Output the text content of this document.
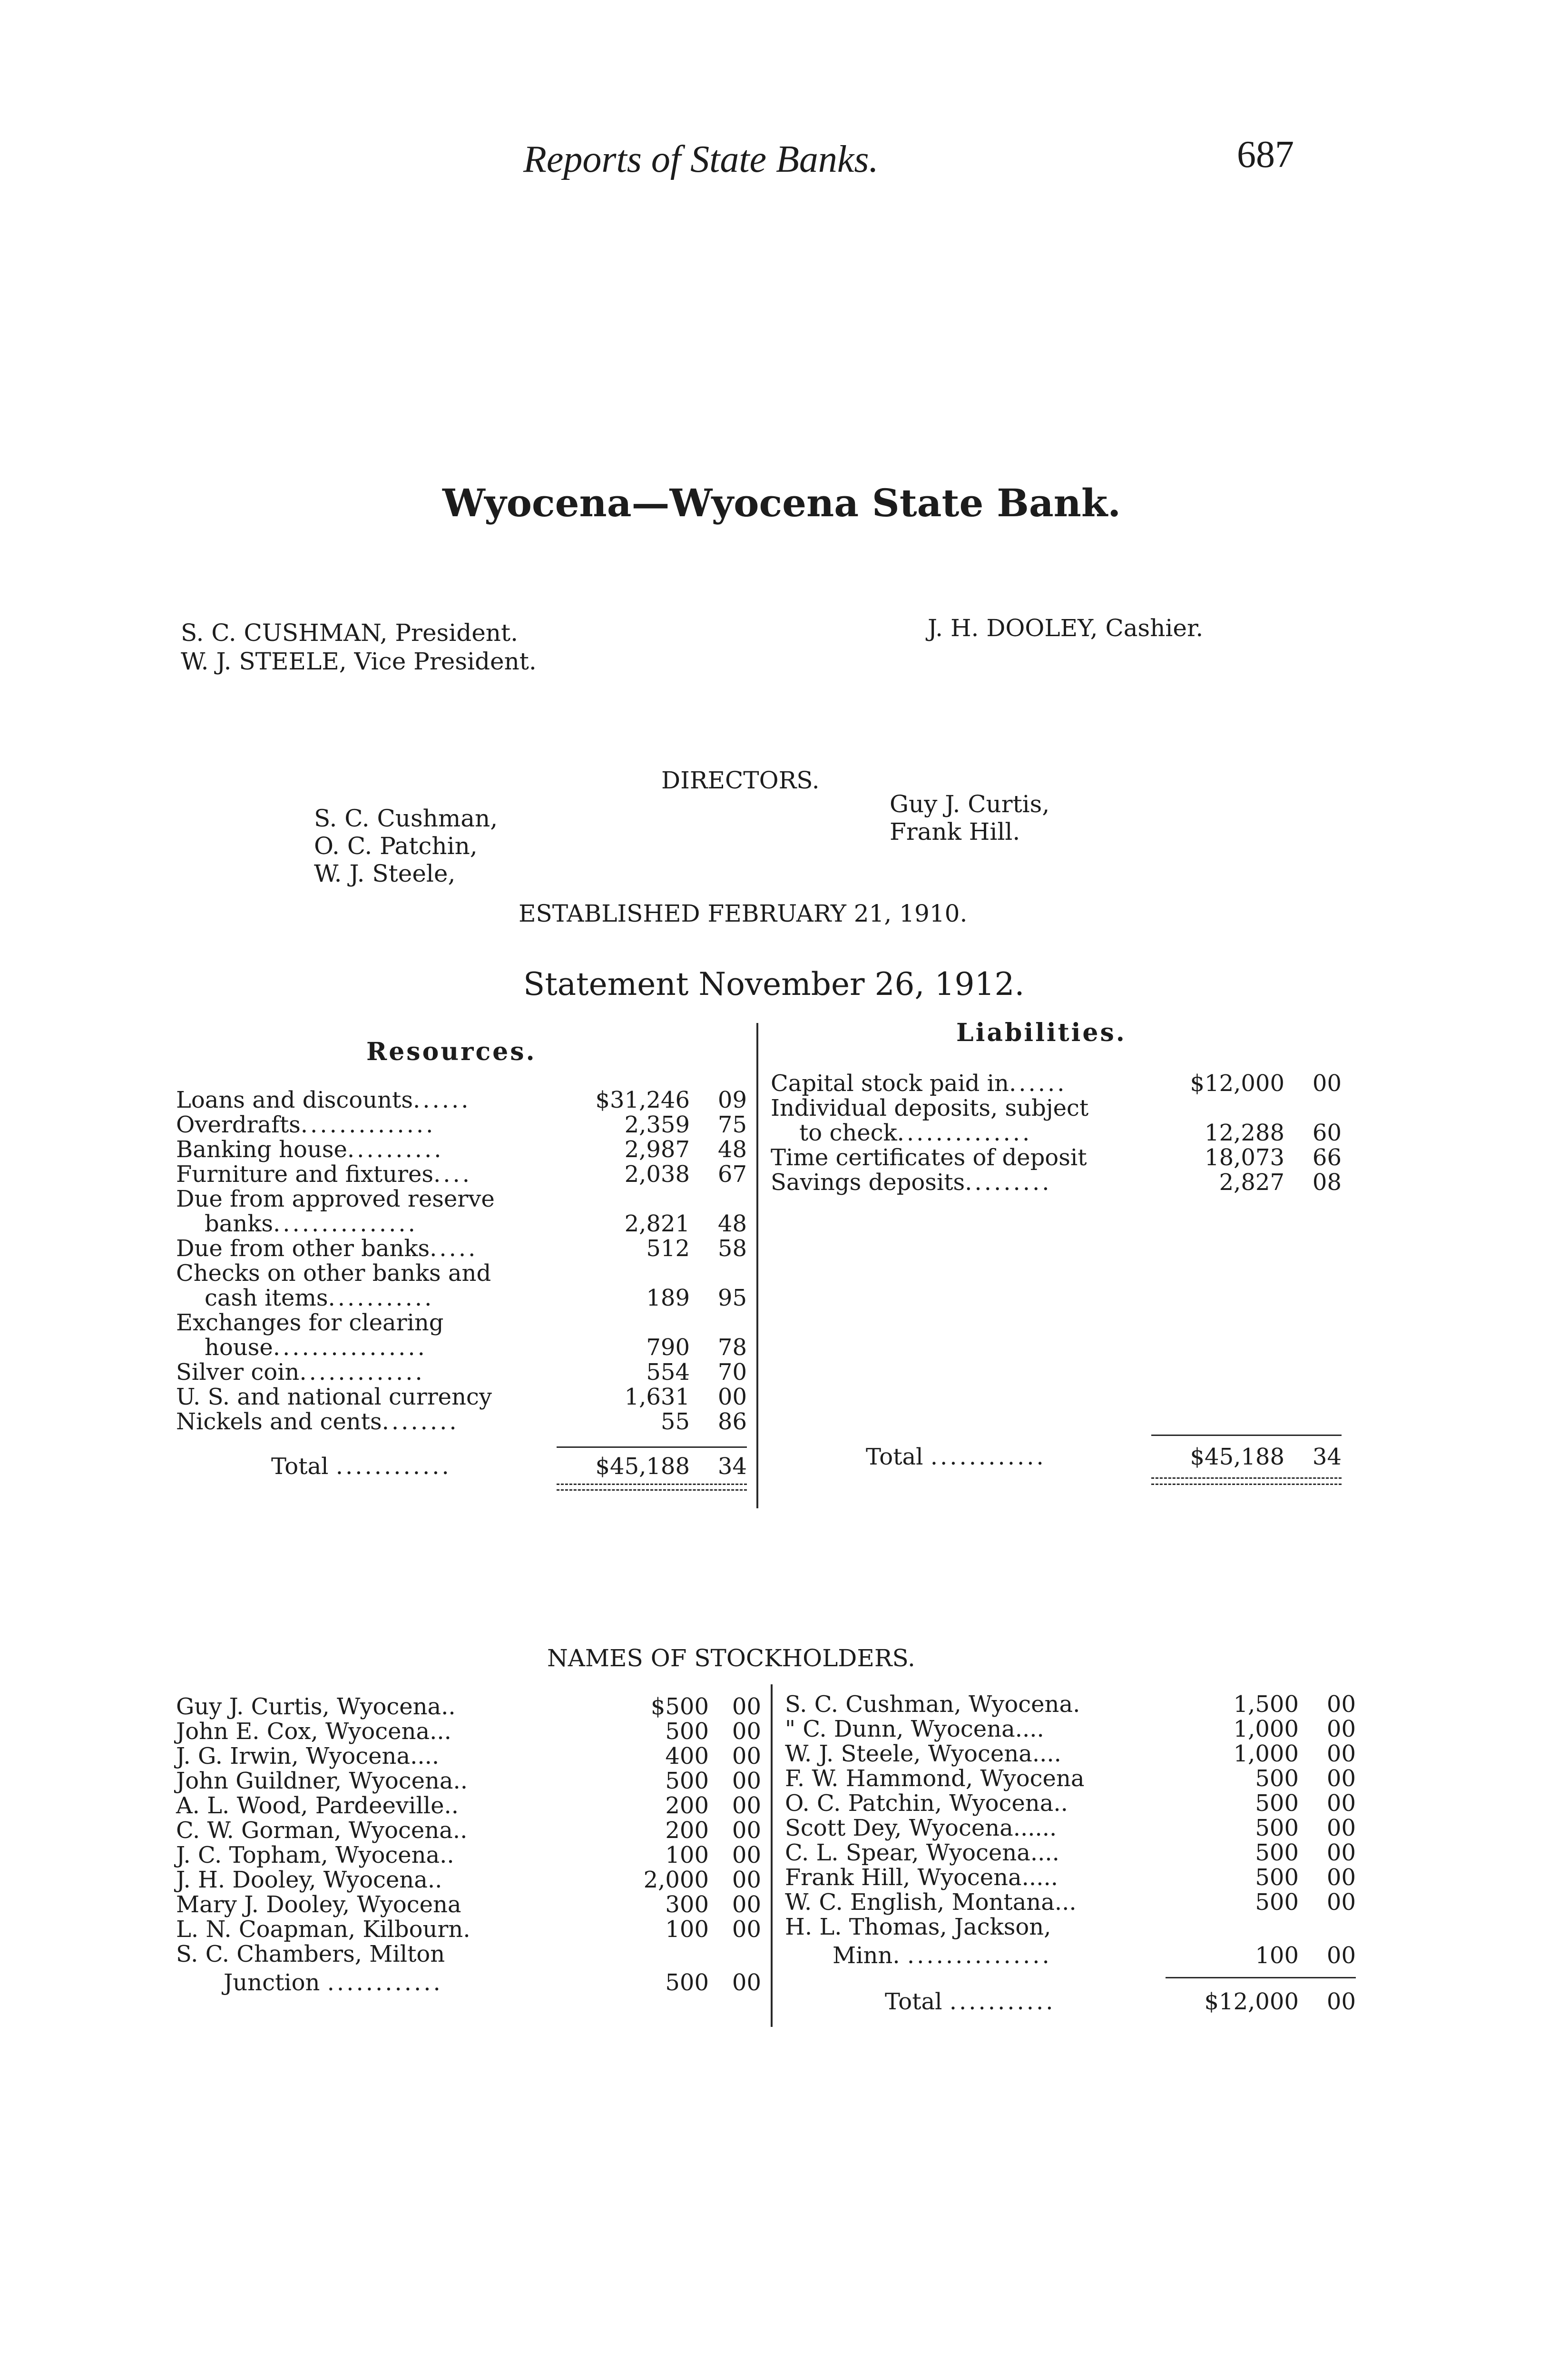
Reports of State Banks.	687
Wyocena—Wyocena State Bank.
S. C. CUSHMAN, President.
W. J. STEELE, Vice President.
J. H. DOOLEY, Cashier.
DIRECTORS.
S. C. Cushman,
O. C. Patchin,
W. J. Steele,
Guy J. Curtis,
Frank Hill.
ESTABLISHED FEBRUARY 21, 1910.
Statement November 26, 1912.
Resources.
Liabilities.
Loans and discounts......	$31,246 09
Overdrafts..............	2,359 75
Banking house..........	2,987 48
Furniture and fixtures....	2,038 67
Due from approved reserve
banks...............	2,821 48
Due from other banks.....	512 58
Checks on other banks and
cash items...........	189 95
Exchanges for clearing
house................	790 78
Silver coin.............	554 70
U. S. and national currency	1,631 00
Nickels and cents........	55 86
Total ............	$45,188 34
Capital stock paid in......	$12,000 00
Individual deposits, subject
to check..............	12,288 60
Time certificates of deposit	18,073 66
Savings deposits.........	2,827 08
Total ............	$45,188 34
NAMES OF STOCKHOLDERS.
Guy J. Curtis, Wyocena..	$500 00
John E. Cox, Wyocena...	500 00
J. G. Irwin, Wyocena....	400 00
John Guildner, Wyocena..	500 00
A. L. Wood, Pardeeville..	200 00
C. W. Gorman, Wyocena..	200 00
J. C. Topham, Wyocena..	100 00
J. H. Dooley, Wyocena..	2,000 00
Mary J. Dooley, Wyocena	300 00
L. N. Coapman, Kilbourn.	100 00
S. C. Chambers, Milton
Junction ............	500 00
S. C. Cushman, Wyocena.	1,500 00
" C. Dunn, Wyocena....	1,000 00
W. J. Steele, Wyocena....	1,000 00
F. W. Hammond, Wyocena	500 00
O. C. Patchin, Wyocena..	500 00
Scott Dey, Wyocena......	500 00
C. L. Spear, Wyocena....	500 00
Frank Hill, Wyocena.....	500 00
W. C. English, Montana...	500 00
H. L. Thomas, Jackson,
Minn. ...............	100 00
Total ...........	$12,000 00
